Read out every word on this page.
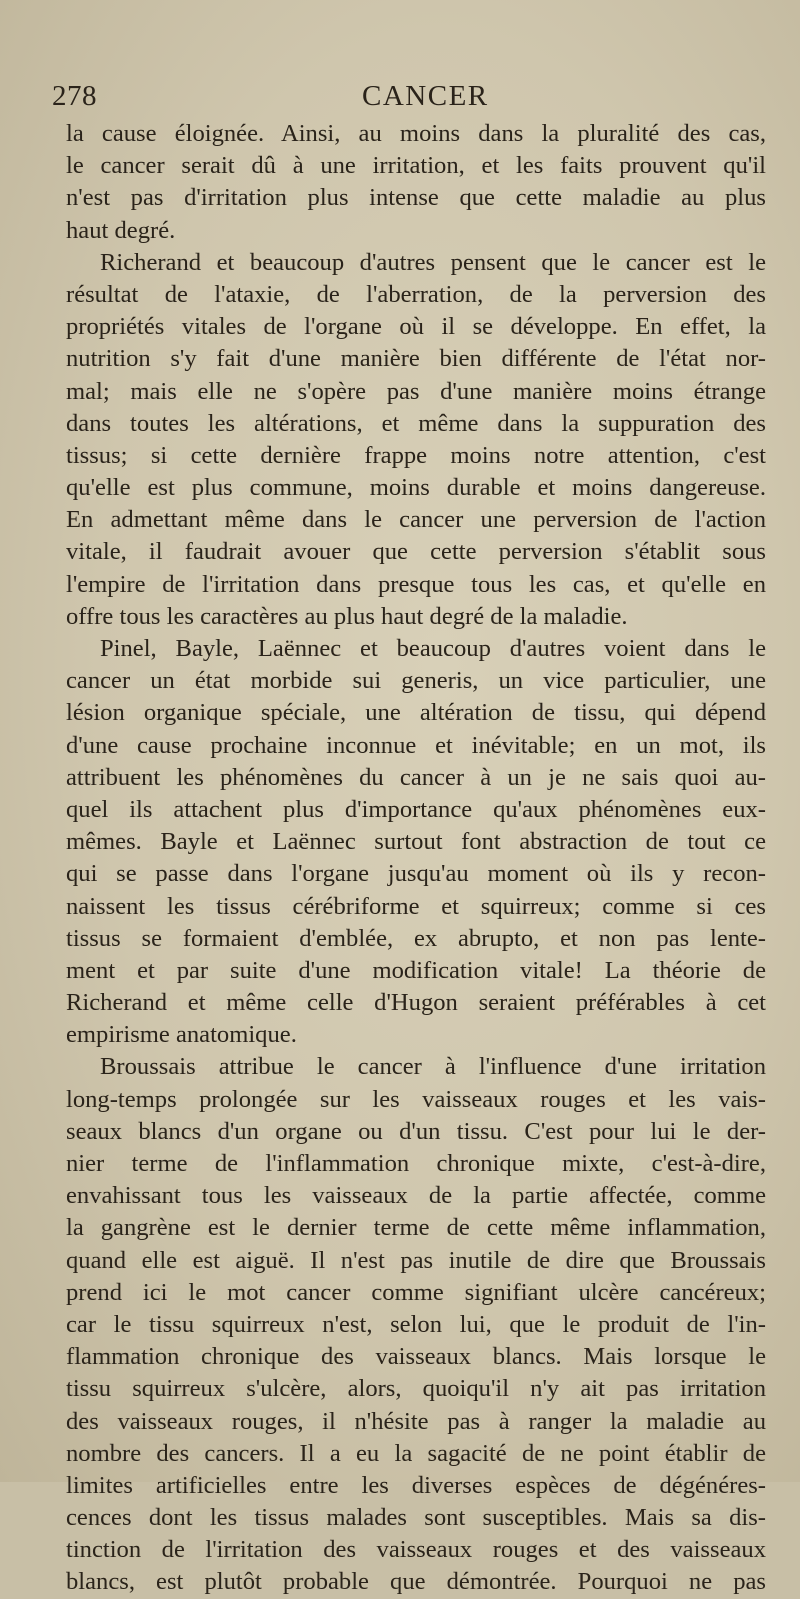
278	CANCER
la cause éloignée. Ainsi, au moins dans la pluralité des cas,
le cancer serait dû à une irritation, et les faits prouvent qu'il
n'est pas d'irritation plus intense que cette maladie au plus
haut degré.
Richerand et beaucoup d'autres pensent que le cancer est le
résultat de l'ataxie, de l'aberration, de la perversion des
propriétés vitales de l'organe où il se développe. En effet, la
nutrition s'y fait d'une manière bien différente de l'état nor-
mal; mais elle ne s'opère pas d'une manière moins étrange
dans toutes les altérations, et même dans la suppuration des
tissus; si cette dernière frappe moins notre attention, c'est
qu'elle est plus commune, moins durable et moins dangereuse.
En admettant même dans le cancer une perversion de l'action
vitale, il faudrait avouer que cette perversion s'établit sous
l'empire de l'irritation dans presque tous les cas, et qu'elle en
offre tous les caractères au plus haut degré de la maladie.
Pinel, Bayle, Laënnec et beaucoup d'autres voient dans le
cancer un état morbide sui generis, un vice particulier, une
lésion organique spéciale, une altération de tissu, qui dépend
d'une cause prochaine inconnue et inévitable; en un mot, ils
attribuent les phénomènes du cancer à un je ne sais quoi au-
quel ils attachent plus d'importance qu'aux phénomènes eux-
mêmes. Bayle et Laënnec surtout font abstraction de tout ce
qui se passe dans l'organe jusqu'au moment où ils y recon-
naissent les tissus cérébriforme et squirreux; comme si ces
tissus se formaient d'emblée, ex abrupto, et non pas lente-
ment et par suite d'une modification vitale! La théorie de
Richerand et même celle d'Hugon seraient préférables à cet
empirisme anatomique.
Broussais attribue le cancer à l'influence d'une irritation
long-temps prolongée sur les vaisseaux rouges et les vais-
seaux blancs d'un organe ou d'un tissu. C'est pour lui le der-
nier terme de l'inflammation chronique mixte, c'est-à-dire,
envahissant tous les vaisseaux de la partie affectée, comme
la gangrène est le dernier terme de cette même inflammation,
quand elle est aiguë. Il n'est pas inutile de dire que Broussais
prend ici le mot cancer comme signifiant ulcère cancéreux;
car le tissu squirreux n'est, selon lui, que le produit de l'in-
flammation chronique des vaisseaux blancs. Mais lorsque le
tissu squirreux s'ulcère, alors, quoiqu'il n'y ait pas irritation
des vaisseaux rouges, il n'hésite pas à ranger la maladie au
nombre des cancers. Il a eu la sagacité de ne point établir de
limites artificielles entre les diverses espèces de dégénéres-
cences dont les tissus malades sont susceptibles. Mais sa dis-
tinction de l'irritation des vaisseaux rouges et des vaisseaux
blancs, est plutôt probable que démontrée. Pourquoi ne pas
